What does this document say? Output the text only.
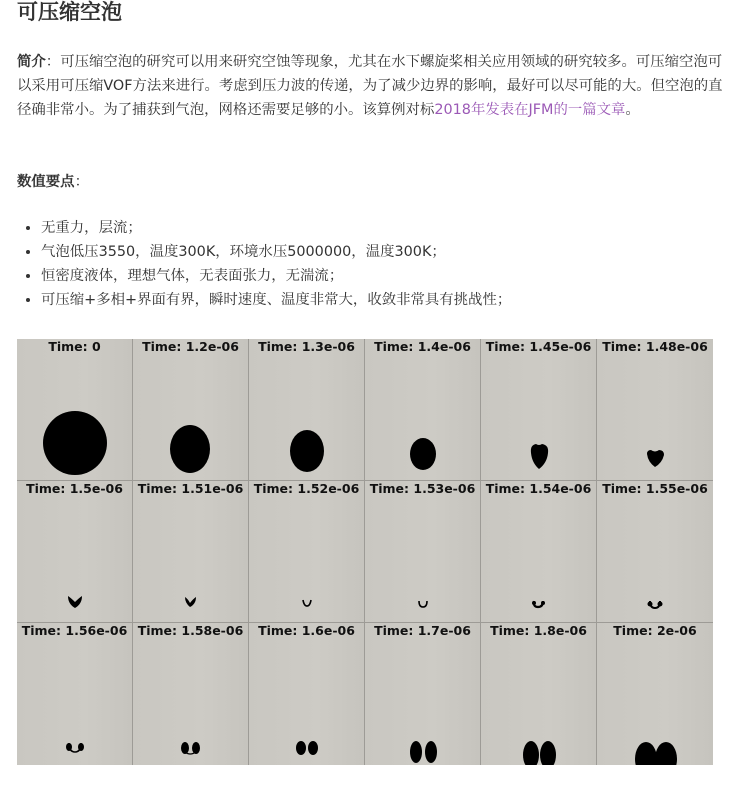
可压缩空泡

简介：可压缩空泡的研究可以用来研究空蚀等现象，尤其在水下螺旋桨相关应用领域的研究较多。可压缩空泡可以采用可压缩VOF方法来进行。考虑到压力波的传递，为了减少边界的影响，最好可以尽可能的大。但空泡的直径确非常小。为了捕获到气泡，网格还需要足够的小。该算例对标2018年发表在JFM的一篇文章。

数值要点：

• 无重力，层流；
• 气泡低压3550，温度300K，环境水压5000000，温度300K；
• 恒密度液体，理想气体，无表面张力，无湍流；
• 可压缩+多相+界面有界，瞬时速度、温度非常大，收敛非常具有挑战性；
Time: 0	Time: 1.2e-06	Time: 1.3e-06	Time: 1.4e-06	Time: 1.45e-06 Time: 1.48e-06
Time: 1.5e-06	Time: 1.51e-06 Time: 1.52e-06 Time: 1.53e-06 Time: 1.54e-06 Time: 1.55e-06
Time: 1.56e-06 Time: 1.58e-06	Time: 1.6e-06	Time: 1.7e-06	Time: 1.8e-06	Time: 2e-06
